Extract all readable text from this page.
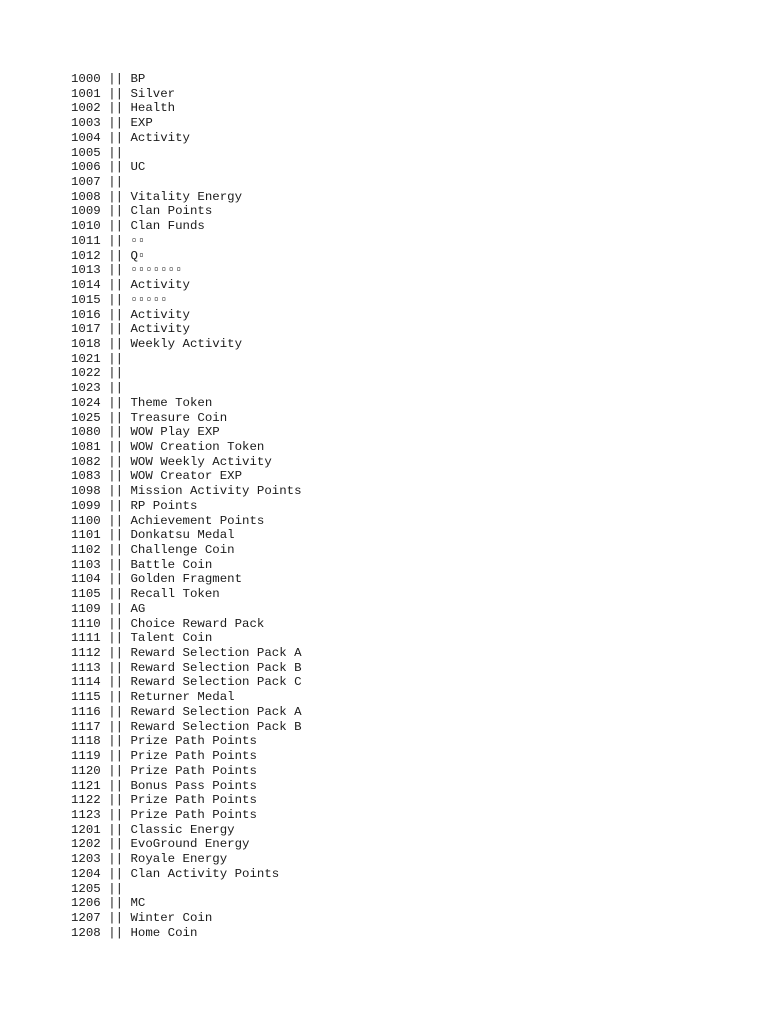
1000 || BP
1001 || Silver
1002 || Health
1003 || EXP
1004 || Activity
1005 ||
1006 || UC
1007 ||
1008 || Vitality Energy
1009 || Clan Points
1010 || Clan Funds
1011 || ▫▫
1012 || Q▫
1013 || ▫▫▫▫▫▫▫
1014 || Activity
1015 || ▫▫▫▫▫
1016 || Activity
1017 || Activity
1018 || Weekly Activity
1021 ||
1022 ||
1023 ||
1024 || Theme Token
1025 || Treasure Coin
1080 || WOW Play EXP
1081 || WOW Creation Token
1082 || WOW Weekly Activity
1083 || WOW Creator EXP
1098 || Mission Activity Points
1099 || RP Points
1100 || Achievement Points
1101 || Donkatsu Medal
1102 || Challenge Coin
1103 || Battle Coin
1104 || Golden Fragment
1105 || Recall Token
1109 || AG
1110 || Choice Reward Pack
1111 || Talent Coin
1112 || Reward Selection Pack A
1113 || Reward Selection Pack B
1114 || Reward Selection Pack C
1115 || Returner Medal
1116 || Reward Selection Pack A
1117 || Reward Selection Pack B
1118 || Prize Path Points
1119 || Prize Path Points
1120 || Prize Path Points
1121 || Bonus Pass Points
1122 || Prize Path Points
1123 || Prize Path Points
1201 || Classic Energy
1202 || EvoGround Energy
1203 || Royale Energy
1204 || Clan Activity Points
1205 ||
1206 || MC
1207 || Winter Coin
1208 || Home Coin
